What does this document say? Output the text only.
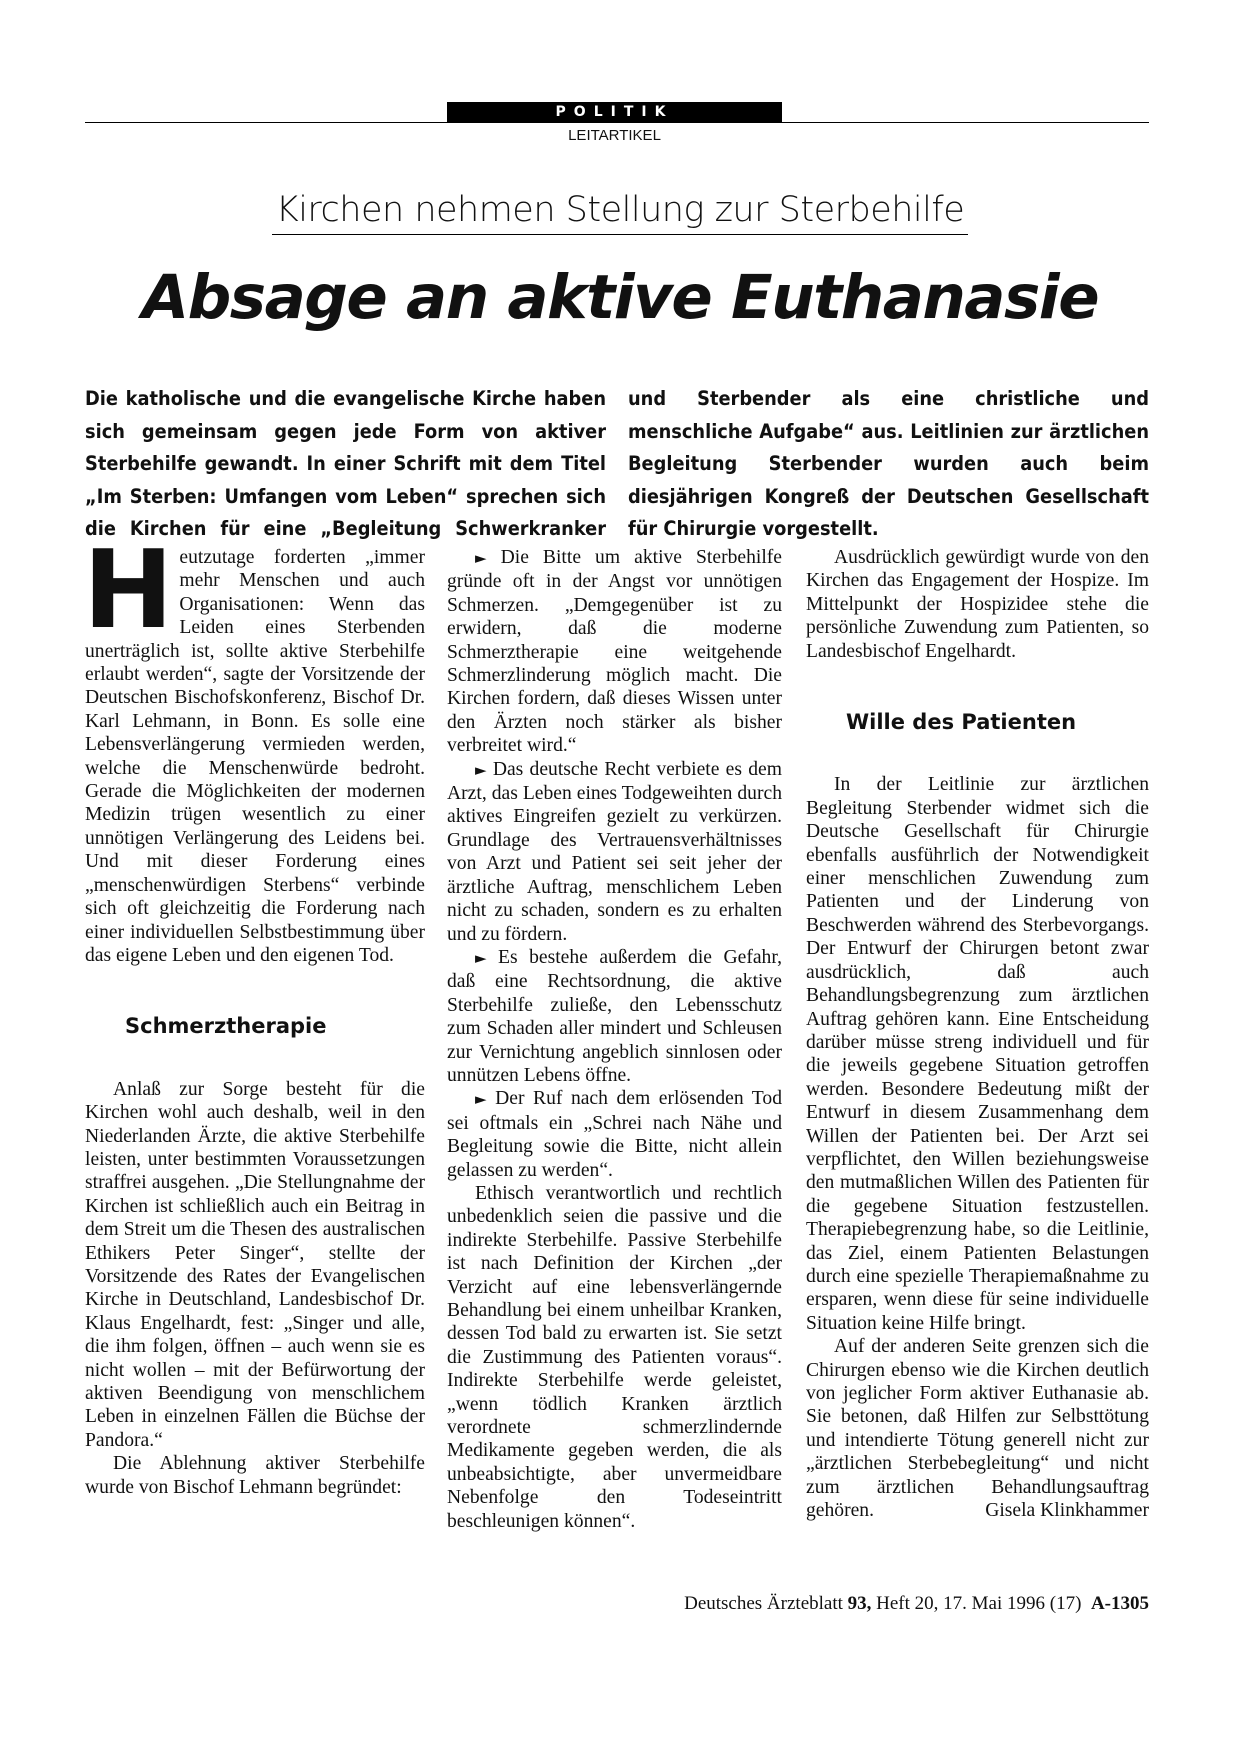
POLITIK
LEITARTIKEL
Kirchen nehmen Stellung zur Sterbehilfe
Absage an aktive Euthanasie
Die katholische und die evangelische Kirche haben sich gemeinsam gegen jede Form von aktiver Sterbehilfe gewandt. In einer Schrift mit dem Titel „Im Sterben: Umfangen vom Leben“ sprechen sich die Kirchen für eine „Begleitung Schwerkranker und Sterbender als eine christliche und menschliche Aufgabe“ aus. Leitlinien zur ärztlichen Begleitung Sterbender wurden auch beim diesjährigen Kongreß der Deutschen Gesellschaft für Chirurgie vorgestellt.

Heutzutage forderten „immer mehr Menschen und auch Organisationen: Wenn das Leiden eines Sterbenden unerträglich ist, sollte aktive Sterbehilfe erlaubt werden“, sagte der Vorsitzende der Deutschen Bischofskonferenz, Bischof Dr. Karl Lehmann, in Bonn. Es solle eine Lebensverlängerung vermieden werden, welche die Menschenwürde bedroht. Gerade die Möglichkeiten der modernen Medizin trügen wesentlich zu einer unnötigen Verlängerung des Leidens bei. Und mit dieser Forderung eines „menschenwürdigen Sterbens“ verbinde sich oft gleichzeitig die Forderung nach einer individuellen Selbstbestimmung über das eigene Leben und den eigenen Tod.

Schmerztherapie

Anlaß zur Sorge besteht für die Kirchen wohl auch deshalb, weil in den Niederlanden Ärzte, die aktive Sterbehilfe leisten, unter bestimmten Voraussetzungen straffrei ausgehen. „Die Stellungnahme der Kirchen ist schließlich auch ein Beitrag in dem Streit um die Thesen des australischen Ethikers Peter Singer“, stellte der Vorsitzende des Rates der Evangelischen Kirche in Deutschland, Landesbischof Dr. Klaus Engelhardt, fest: „Singer und alle, die ihm folgen, öffnen – auch wenn sie es nicht wollen – mit der Befürwortung der aktiven Beendigung von menschlichem Leben in einzelnen Fällen die Büchse der Pandora.“

Die Ablehnung aktiver Sterbehilfe wurde von Bischof Lehmann begründet:

► Die Bitte um aktive Sterbehilfe gründe oft in der Angst vor unnötigen Schmerzen. „Demgegenüber ist zu erwidern, daß die moderne Schmerztherapie eine weitgehende Schmerzlinderung möglich macht. Die Kirchen fordern, daß dieses Wissen unter den Ärzten noch stärker als bisher verbreitet wird.“

► Das deutsche Recht verbiete es dem Arzt, das Leben eines Todgeweihten durch aktives Eingreifen gezielt zu verkürzen. Grundlage des Vertrauensverhältnisses von Arzt und Patient sei seit jeher der ärztliche Auftrag, menschlichem Leben nicht zu schaden, sondern es zu erhalten und zu fördern.

► Es bestehe außerdem die Gefahr, daß eine Rechtsordnung, die aktive Sterbehilfe zuließe, den Lebensschutz zum Schaden aller mindert und Schleusen zur Vernichtung angeblich sinnlosen oder unnützen Lebens öffne.

► Der Ruf nach dem erlösenden Tod sei oftmals ein „Schrei nach Nähe und Begleitung sowie die Bitte, nicht allein gelassen zu werden“.

Ethisch verantwortlich und rechtlich unbedenklich seien die passive und die indirekte Sterbehilfe. Passive Sterbehilfe ist nach Definition der Kirchen „der Verzicht auf eine lebensverlängernde Behandlung bei einem unheilbar Kranken, dessen Tod bald zu erwarten ist. Sie setzt die Zustimmung des Patienten voraus“. Indirekte Sterbehilfe werde geleistet, „wenn tödlich Kranken ärztlich verordnete schmerzlindernde Medikamente gegeben werden, die als unbeabsichtigte, aber unvermeidbare Nebenfolge den Todeseintritt beschleunigen können“.

Ausdrücklich gewürdigt wurde von den Kirchen das Engagement der Hospize. Im Mittelpunkt der Hospizidee stehe die persönliche Zuwendung zum Patienten, so Landesbischof Engelhardt.

Wille des Patienten

In der Leitlinie zur ärztlichen Begleitung Sterbender widmet sich die Deutsche Gesellschaft für Chirurgie ebenfalls ausführlich der Notwendigkeit einer menschlichen Zuwendung zum Patienten und der Linderung von Beschwerden während des Sterbevorgangs. Der Entwurf der Chirurgen betont zwar ausdrücklich, daß auch Behandlungsbegrenzung zum ärztlichen Auftrag gehören kann. Eine Entscheidung darüber müsse streng individuell und für die jeweils gegebene Situation getroffen werden. Besondere Bedeutung mißt der Entwurf in diesem Zusammenhang dem Willen der Patienten bei. Der Arzt sei verpflichtet, den Willen beziehungsweise den mutmaßlichen Willen des Patienten für die gegebene Situation festzustellen. Therapiebegrenzung habe, so die Leitlinie, das Ziel, einem Patienten Belastungen durch eine spezielle Therapiemaßnahme zu ersparen, wenn diese für seine individuelle Situation keine Hilfe bringt.

Auf der anderen Seite grenzen sich die Chirurgen ebenso wie die Kirchen deutlich von jeglicher Form aktiver Euthanasie ab. Sie betonen, daß Hilfen zur Selbsttötung und intendierte Tötung generell nicht zur „ärztlichen Sterbebegleitung“ und nicht zum ärztlichen Behandlungsauftrag gehören.	Gisela Klinkhammer

Deutsches Ärzteblatt 93, Heft 20, 17. Mai 1996 (17) A-1305
